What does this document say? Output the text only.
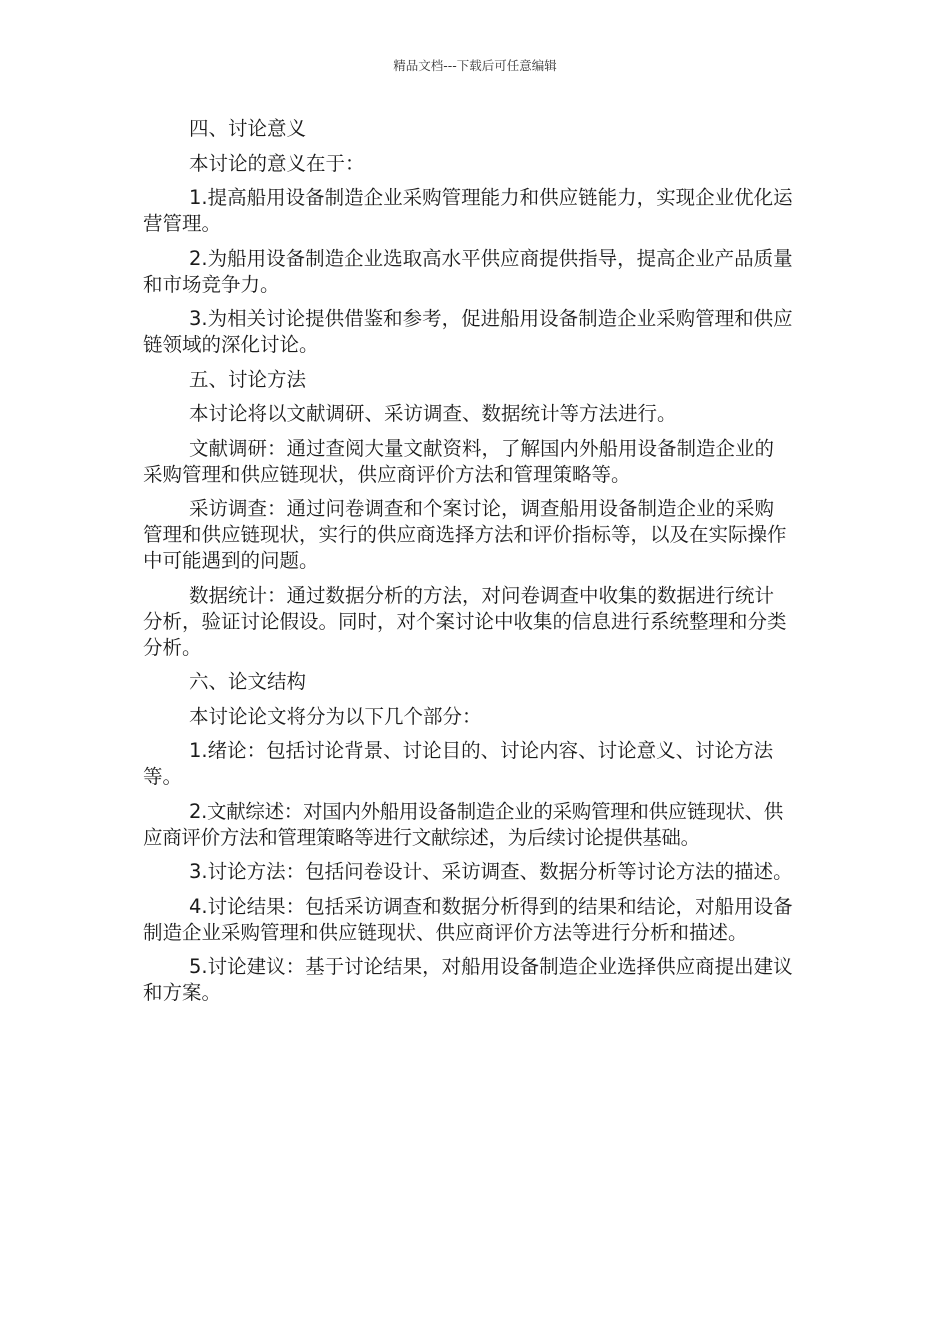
精品文档---下载后可任意编辑

四、讨论意义

本讨论的意义在于：

1.提高船用设备制造企业采购管理能力和供应链能力，实现企业优化运营管理。

2.为船用设备制造企业选取高水平供应商提供指导，提高企业产品质量和市场竞争力。

3.为相关讨论提供借鉴和参考，促进船用设备制造企业采购管理和供应链领域的深化讨论。

五、讨论方法

本讨论将以文献调研、采访调查、数据统计等方法进行。

文献调研：通过查阅大量文献资料，了解国内外船用设备制造企业的采购管理和供应链现状，供应商评价方法和管理策略等。

采访调查：通过问卷调查和个案讨论，调查船用设备制造企业的采购管理和供应链现状，实行的供应商选择方法和评价指标等，以及在实际操作中可能遇到的问题。

数据统计：通过数据分析的方法，对问卷调查中收集的数据进行统计分析，验证讨论假设。同时，对个案讨论中收集的信息进行系统整理和分类分析。

六、论文结构

本讨论论文将分为以下几个部分：

1.绪论：包括讨论背景、讨论目的、讨论内容、讨论意义、讨论方法等。

2.文献综述：对国内外船用设备制造企业的采购管理和供应链现状、供应商评价方法和管理策略等进行文献综述，为后续讨论提供基础。

3.讨论方法：包括问卷设计、采访调查、数据分析等讨论方法的描述。

4.讨论结果：包括采访调查和数据分析得到的结果和结论，对船用设备制造企业采购管理和供应链现状、供应商评价方法等进行分析和描述。

5.讨论建议：基于讨论结果，对船用设备制造企业选择供应商提出建议和方案。
